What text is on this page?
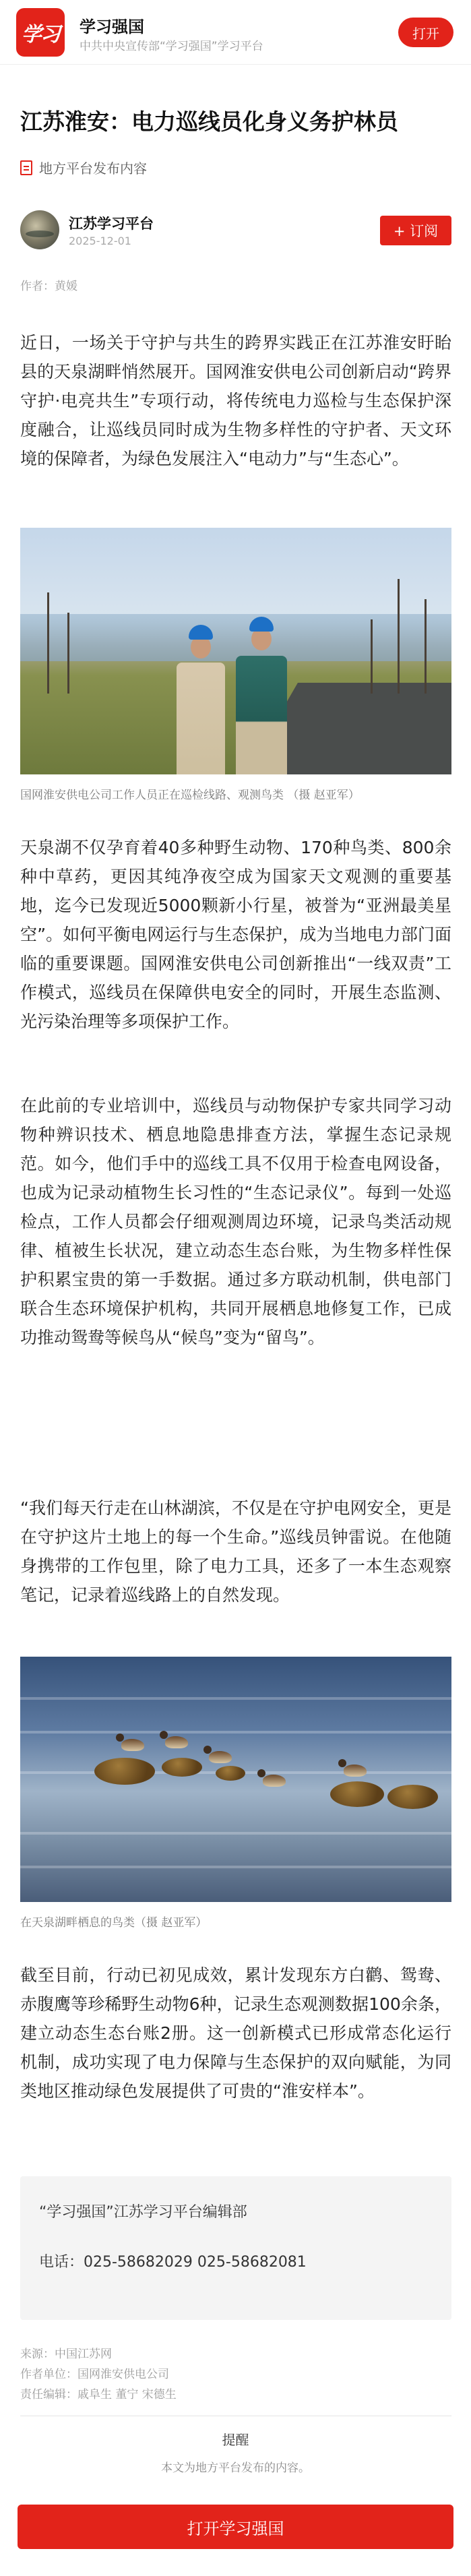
学习	学习强国
中共中央宣传部“学习强国”学习平台
打开
江苏淮安：电力巡线员化身义务护林员
地方平台发布内容
江苏学习平台
2025-12-01
+ 订阅
作者：黄媛

近日，一场关于守护与共生的跨界实践正在江苏淮安盱眙县的天泉湖畔悄然展开。国网淮安供电公司创新启动“跨界守护·电亮共生”专项行动，将传统电力巡检与生态保护深度融合，让巡线员同时成为生物多样性的守护者、天文环境的保障者，为绿色发展注入“电动力”与“生态心”。

国网淮安供电公司工作人员正在巡检线路、观测鸟类 （摄 赵亚军）

天泉湖不仅孕育着40多种野生动物、170种鸟类、800余种中草药，更因其纯净夜空成为国家天文观测的重要基地，迄今已发现近5000颗新小行星，被誉为“亚洲最美星空”。如何平衡电网运行与生态保护，成为当地电力部门面临的重要课题。国网淮安供电公司创新推出“一线双责”工作模式，巡线员在保障供电安全的同时，开展生态监测、光污染治理等多项保护工作。

在此前的专业培训中，巡线员与动物保护专家共同学习动物种辨识技术、栖息地隐患排查方法，掌握生态记录规范。如今，他们手中的巡线工具不仅用于检查电网设备，也成为记录动植物生长习性的“生态记录仪”。每到一处巡检点，工作人员都会仔细观测周边环境，记录鸟类活动规律、植被生长状况，建立动态生态台账，为生物多样性保护积累宝贵的第一手数据。通过多方联动机制，供电部门联合生态环境保护机构，共同开展栖息地修复工作，已成功推动鸳鸯等候鸟从“候鸟”变为“留鸟”。

“我们每天行走在山林湖滨，不仅是在守护电网安全，更是在守护这片土地上的每一个生命。”巡线员钟雷说。在他随身携带的工作包里，除了电力工具，还多了一本生态观察笔记，记录着巡线路上的自然发现。

在天泉湖畔栖息的鸟类（摄 赵亚军）

截至目前，行动已初见成效，累计发现东方白鹳、鸳鸯、赤腹鹰等珍稀野生动物6种，记录生态观测数据100余条，建立动态生态台账2册。这一创新模式已形成常态化运行机制，成功实现了电力保障与生态保护的双向赋能，为同类地区推动绿色发展提供了可贵的“淮安样本”。

“学习强国”江苏学习平台编辑部
电话：025-58682029 025-58682081
来源：中国江苏网
作者单位：国网淮安供电公司
责任编辑：戚阜生 董宁 宋德生
提醒
本文为地方平台发布的内容。
打开学习强国
